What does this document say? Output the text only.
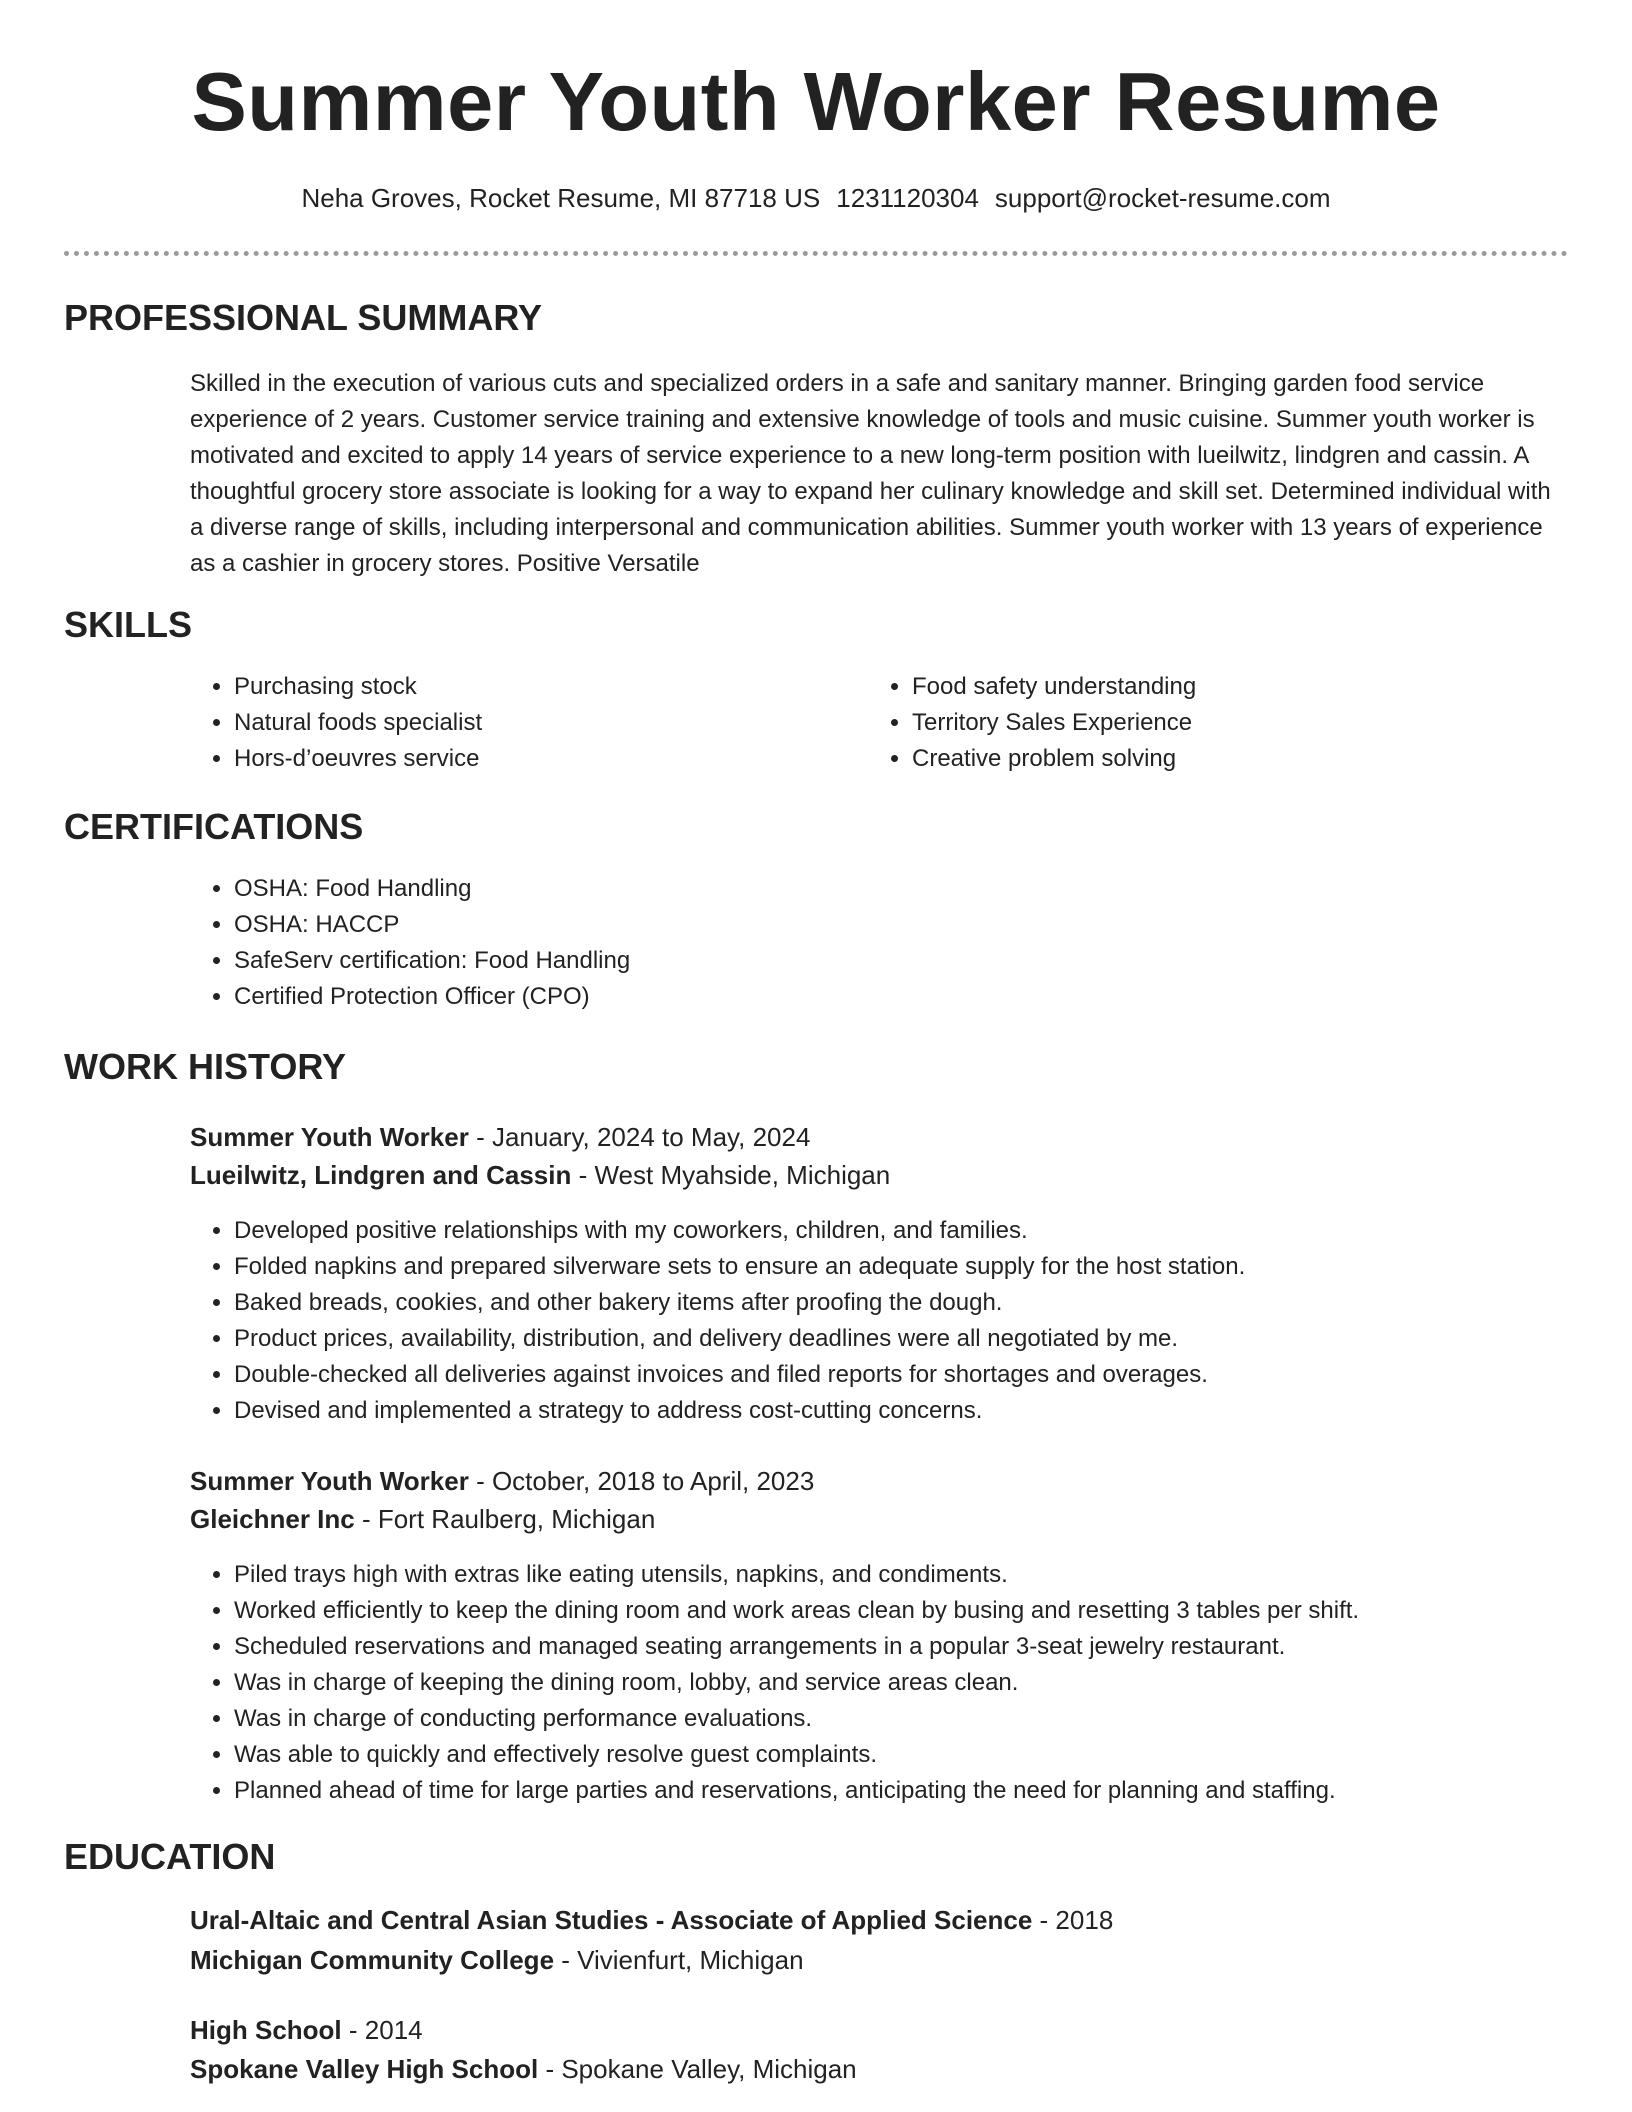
Summer Youth Worker Resume
Neha Groves, Rocket Resume, MI 87718 US 1231120304 support@rocket-resume.com
PROFESSIONAL SUMMARY

Skilled in the execution of various cuts and specialized orders in a safe and sanitary manner. Bringing garden food service experience of 2 years. Customer service training and extensive knowledge of tools and music cuisine. Summer youth worker is motivated and excited to apply 14 years of service experience to a new long-term position with lueilwitz, lindgren and cassin. A thoughtful grocery store associate is looking for a way to expand her culinary knowledge and skill set. Determined individual with a diverse range of skills, including interpersonal and communication abilities. Summer youth worker with 13 years of experience as a cashier in grocery stores. Positive Versatile

SKILLS
• Purchasing stock
• Natural foods specialist
• Hors-d’oeuvres service
• Food safety understanding
• Territory Sales Experience
• Creative problem solving
CERTIFICATIONS
• OSHA: Food Handling
• OSHA: HACCP
• SafeServ certification: Food Handling
• Certified Protection Officer (CPO)
WORK HISTORY
Summer Youth Worker - January, 2024 to May, 2024
Lueilwitz, Lindgren and Cassin - West Myahside, Michigan
• Developed positive relationships with my coworkers, children, and families.
• Folded napkins and prepared silverware sets to ensure an adequate supply for the host station.
• Baked breads, cookies, and other bakery items after proofing the dough.
• Product prices, availability, distribution, and delivery deadlines were all negotiated by me.
• Double-checked all deliveries against invoices and filed reports for shortages and overages.
• Devised and implemented a strategy to address cost-cutting concerns.
Summer Youth Worker - October, 2018 to April, 2023
Gleichner Inc - Fort Raulberg, Michigan
• Piled trays high with extras like eating utensils, napkins, and condiments.
• Worked efficiently to keep the dining room and work areas clean by busing and resetting 3 tables per shift.
• Scheduled reservations and managed seating arrangements in a popular 3-seat jewelry restaurant.
• Was in charge of keeping the dining room, lobby, and service areas clean.
• Was in charge of conducting performance evaluations.
• Was able to quickly and effectively resolve guest complaints.
• Planned ahead of time for large parties and reservations, anticipating the need for planning and staffing.
EDUCATION
Ural-Altaic and Central Asian Studies - Associate of Applied Science - 2018
Michigan Community College - Vivienfurt, Michigan
High School - 2014
Spokane Valley High School - Spokane Valley, Michigan
